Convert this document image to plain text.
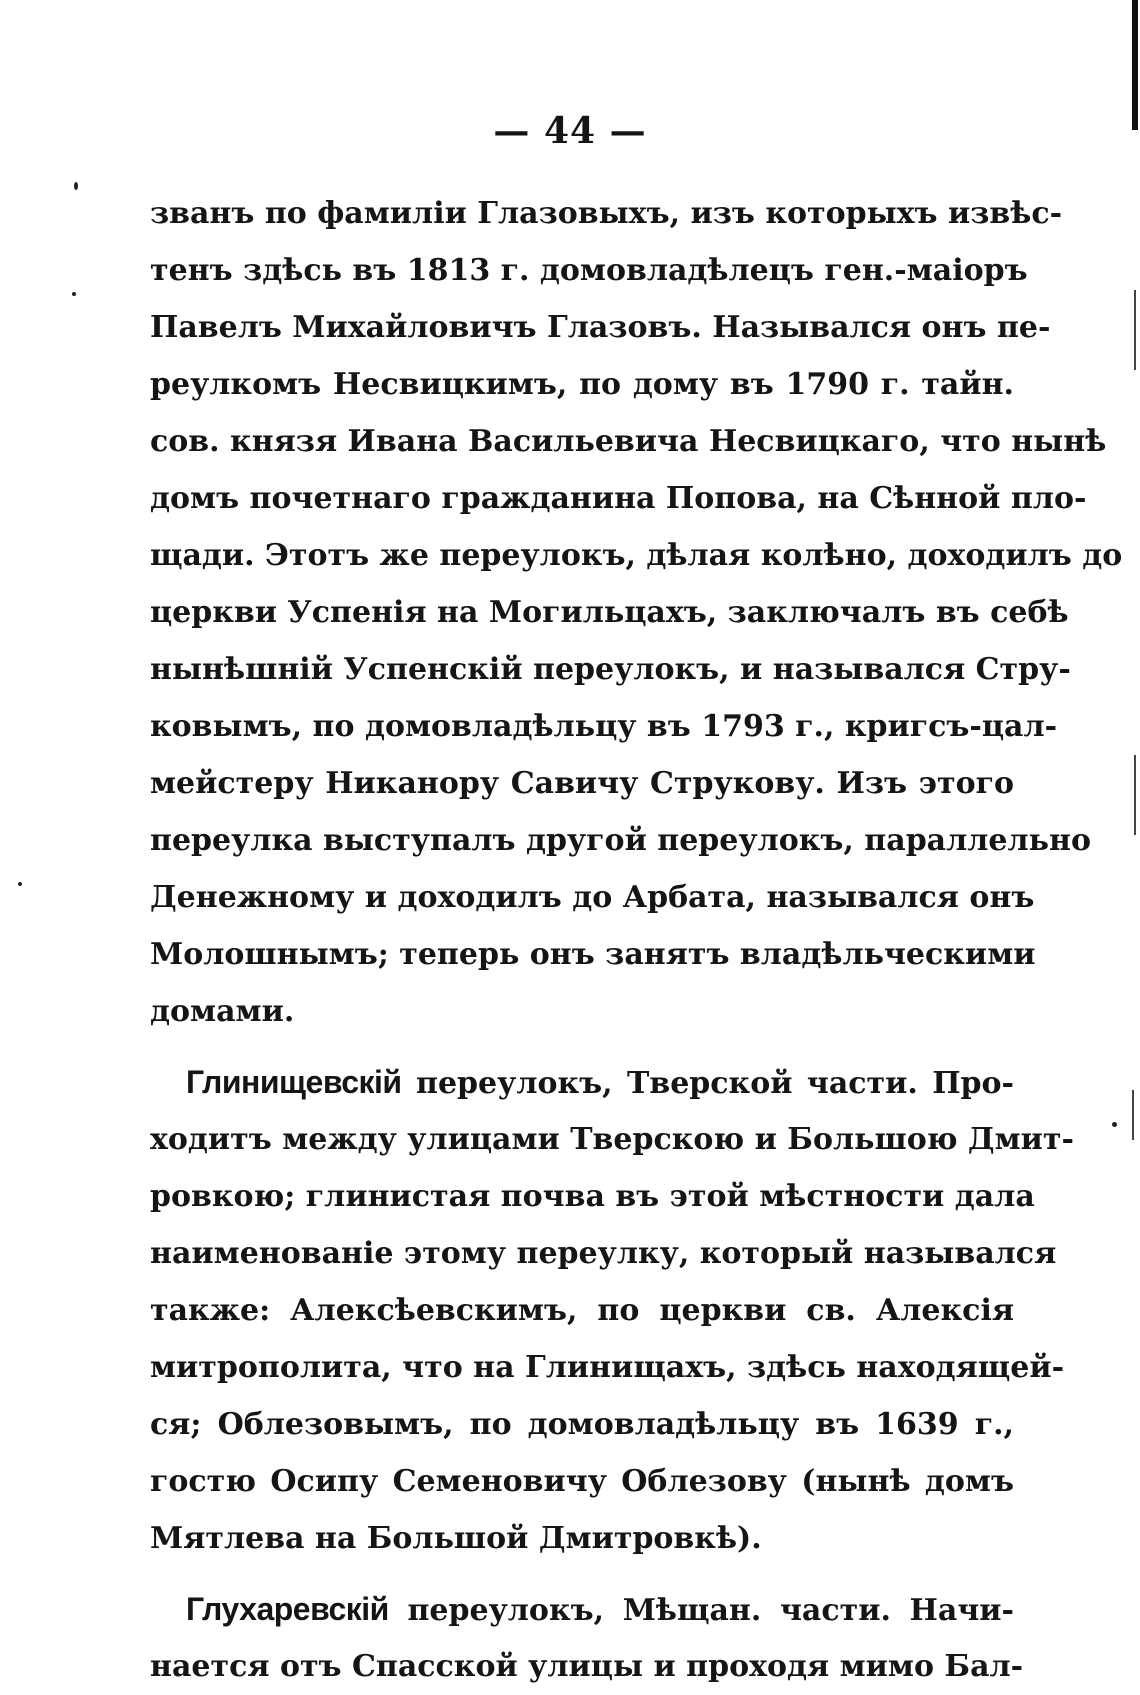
— 44 —
званъ по фамиліи Глазовыхъ, изъ которыхъ извѣс-
тенъ здѣсь въ 1813 г. домовладѣлецъ ген.-маіоръ
Павелъ Михайловичъ Глазовъ. Назывался онъ пе-
реулкомъ Несвицкимъ, по дому въ 1790 г. тайн.
сов. князя Ивана Васильевича Несвицкаго, что нынѣ
домъ почетнаго гражданина Попова, на Сѣнной пло-
щади. Этотъ же переулокъ, дѣлая колѣно, доходилъ до
церкви Успенія на Могильцахъ, заключалъ въ себѣ
нынѣшній Успенскій переулокъ, и назывался Стру-
ковымъ, по домовладѣльцу въ 1793 г., кригсъ-цал-
мейстеру Никанору Савичу Струкову. Изъ этого
переулка выступалъ другой переулокъ, параллельно
Денежному и доходилъ до Арбата, назывался онъ
Молошнымъ; теперь онъ занятъ владѣльческими
домами.
Глинищевскій переулокъ, Тверской части. Про-
ходитъ между улицами Тверскою и Большою Дмит-
ровкою; глинистая почва въ этой мѣстности дала
наименованіе этому переулку, который назывался
также: Алексѣевскимъ, по церкви св. Алексія
митрополита, что на Глинищахъ, здѣсь находящей-
ся; Облезовымъ, по домовладѣльцу въ 1639 г.,
гостю Осипу Семеновичу Облезову (нынѣ домъ
Мятлева на Большой Дмитровкѣ).
Глухаревскій переулокъ, Мѣщан. части. Начи-
нается отъ Спасской улицы и проходя мимо Бал-
